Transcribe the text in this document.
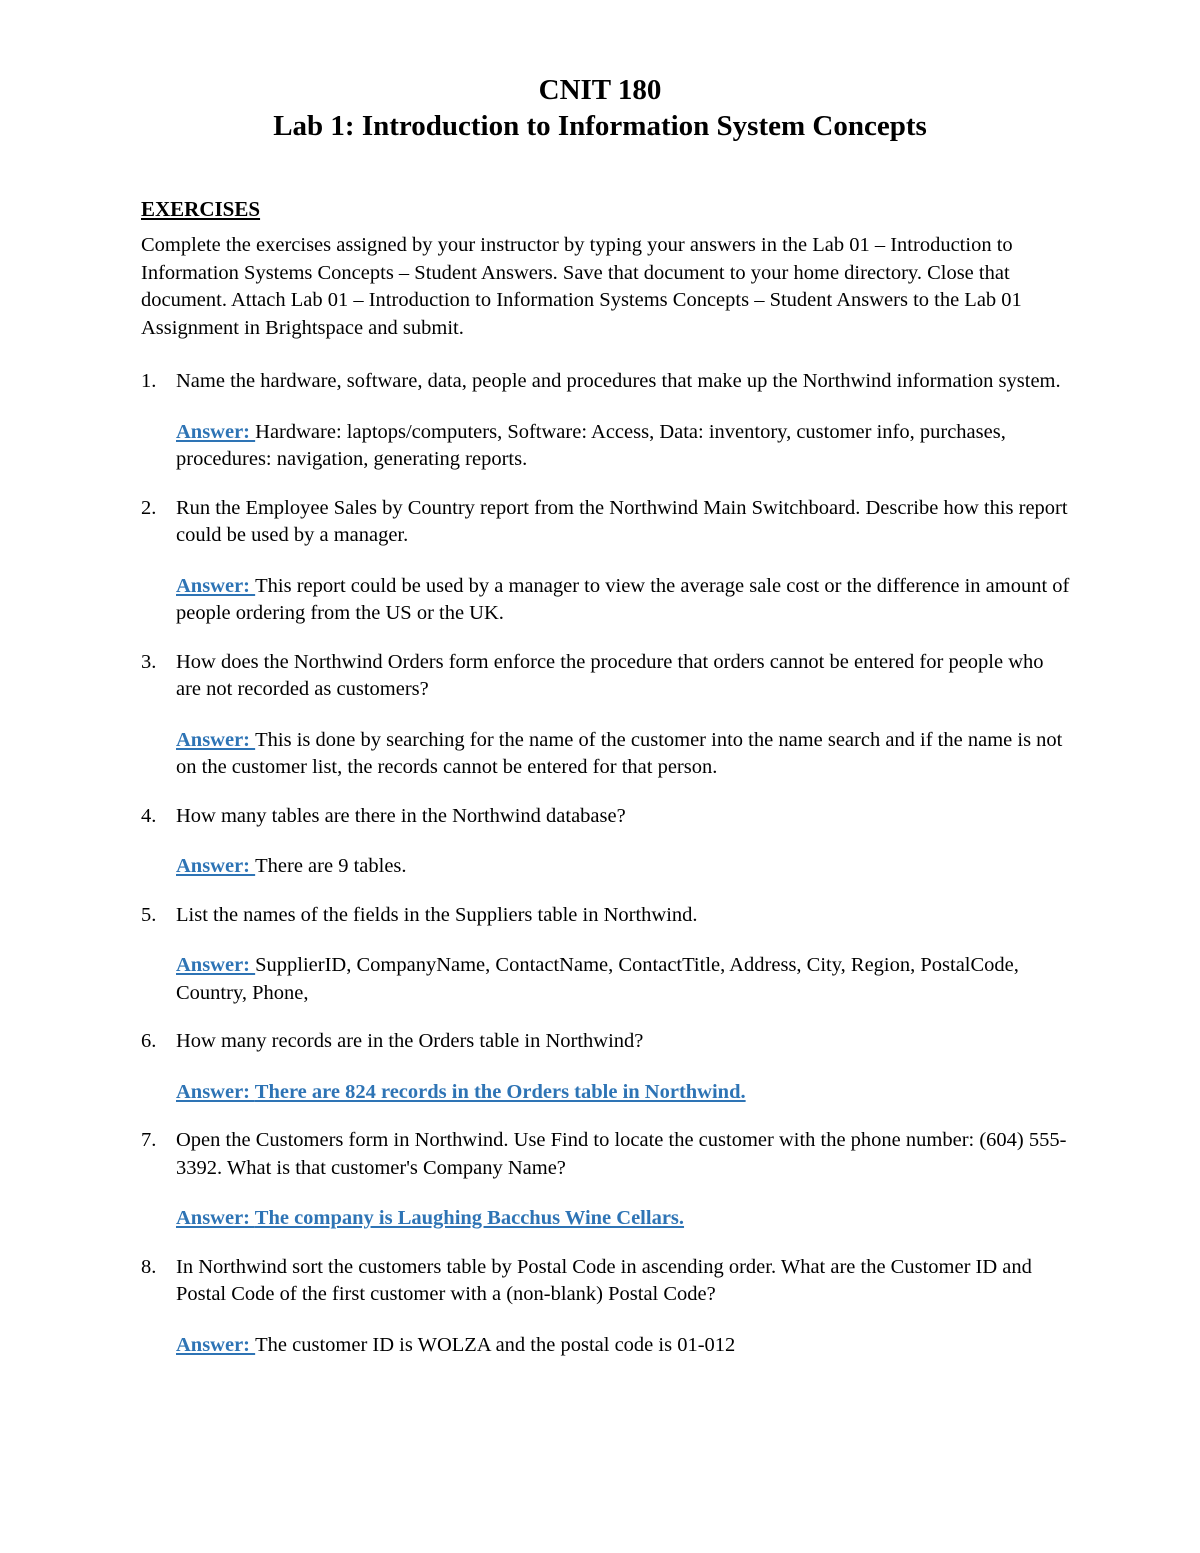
CNIT 180
Lab 1: Introduction to Information System Concepts
EXERCISES
Complete the exercises assigned by your instructor by typing your answers in the Lab 01 – Introduction to Information Systems Concepts – Student Answers. Save that document to your home directory. Close that document. Attach Lab 01 – Introduction to Information Systems Concepts – Student Answers to the Lab 01 Assignment in Brightspace and submit.
1. Name the hardware, software, data, people and procedures that make up the Northwind information system.
Answer: Hardware: laptops/computers, Software: Access, Data: inventory, customer info, purchases, procedures: navigation, generating reports.
2. Run the Employee Sales by Country report from the Northwind Main Switchboard. Describe how this report could be used by a manager.
Answer: This report could be used by a manager to view the average sale cost or the difference in amount of people ordering from the US or the UK.
3. How does the Northwind Orders form enforce the procedure that orders cannot be entered for people who are not recorded as customers?
Answer: This is done by searching for the name of the customer into the name search and if the name is not on the customer list, the records cannot be entered for that person.
4. How many tables are there in the Northwind database?
Answer: There are 9 tables.
5. List the names of the fields in the Suppliers table in Northwind.
Answer: SupplierID, CompanyName, ContactName, ContactTitle, Address, City, Region, PostalCode, Country, Phone,
6. How many records are in the Orders table in Northwind?
Answer: There are 824 records in the Orders table in Northwind.
7. Open the Customers form in Northwind. Use Find to locate the customer with the phone number: (604) 555-3392. What is that customer's Company Name?
Answer: The company is Laughing Bacchus Wine Cellars.
8. In Northwind sort the customers table by Postal Code in ascending order. What are the Customer ID and Postal Code of the first customer with a (non-blank) Postal Code?
Answer: The customer ID is WOLZA and the postal code is 01-012
